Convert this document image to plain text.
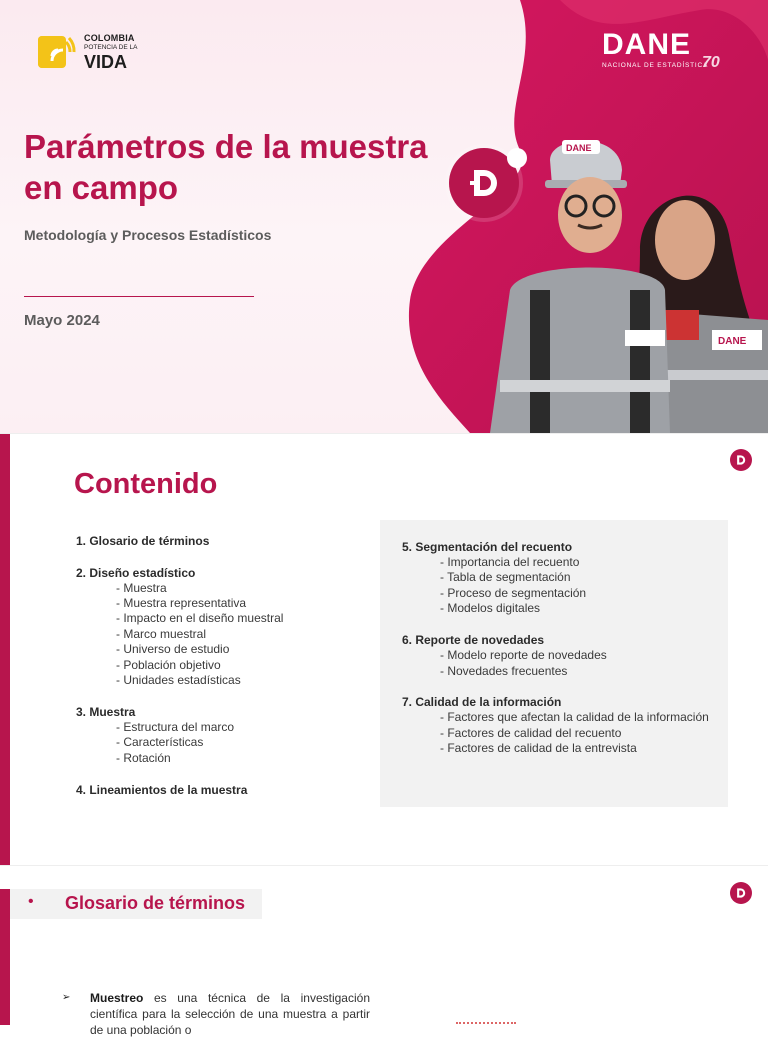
COLOMBIA
POTENCIA DE LA
VIDA
DANE
NACIONAL DE ESTADÍSTICA
70
Parámetros de la muestra en campo
Metodología y Procesos Estadísticos
Mayo 2024
DANE
DANE
Contenido
1. Glosario de términos
2. Diseño estadístico
- Muestra
- Muestra representativa
- Impacto en el diseño muestral
- Marco muestral
- Universo de estudio
- Población objetivo
- Unidades estadísticas
3. Muestra
- Estructura del marco
- Características
- Rotación
4. Lineamientos de la muestra
5. Segmentación del recuento
- Importancia del recuento
- Tabla de segmentación
- Proceso de segmentación
- Modelos digitales
6. Reporte de novedades
- Modelo reporte de novedades
- Novedades frecuentes
7. Calidad de la información
- Factores que afectan la calidad de la información
- Factores de calidad del recuento
- Factores de calidad de la entrevista
• Glosario de términos
➢	Muestreo es una técnica de la investigación científica para la selección de una muestra a partir de una población o
